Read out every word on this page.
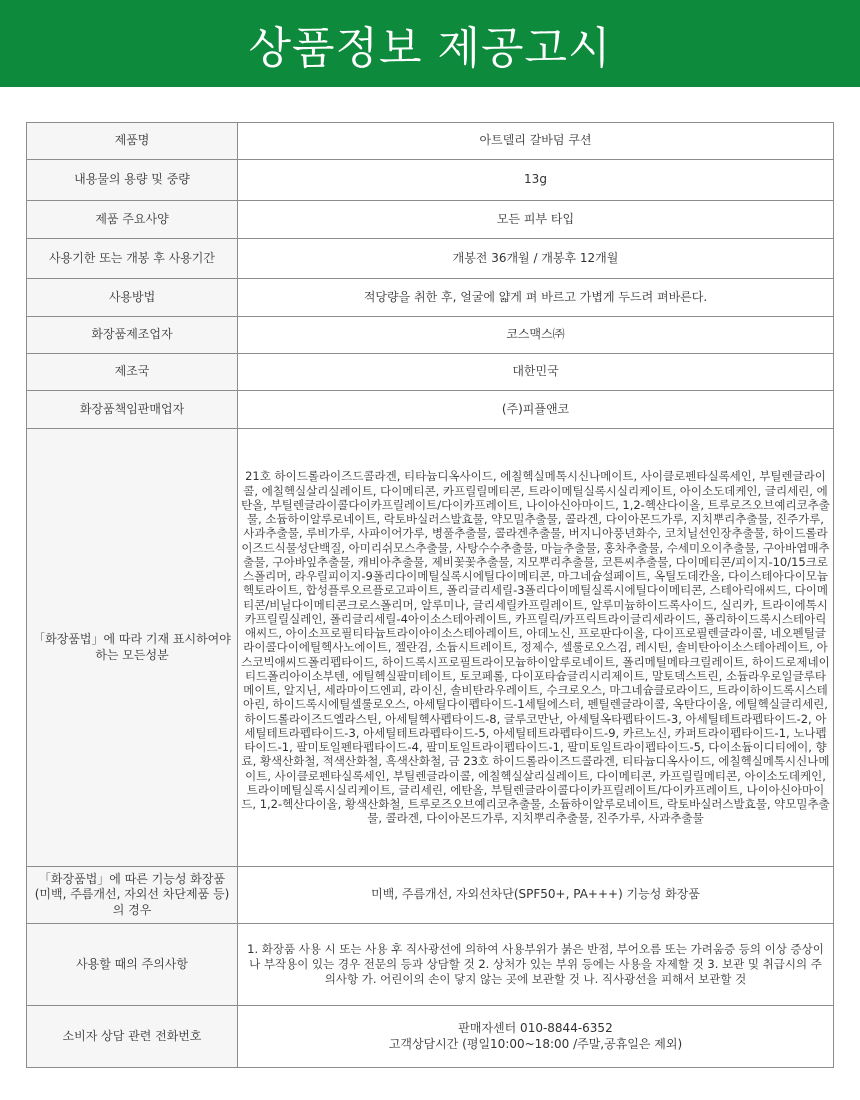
상품정보 제공고시
제품명	아트델리 갈바덤 쿠션
내용물의 용량 및 중량	13g
제품 주요사양	모든 피부 타입
사용기한 또는 개봉 후 사용기간	개봉전 36개월 / 개봉후 12개월
사용방법	적당량을 취한 후, 얼굴에 얇게 펴 바르고 가볍게 두드려 펴바른다.
화장품제조업자	코스맥스㈜
제조국	대한민국
화장품책임판매업자	(주)피플앤코
「화장품법」에 따라 기재 표시하여야 하는 모든성분	21호 하이드롤라이즈드콜라겐, 티타늄디옥사이드, 에칠헥실메톡시신나메이트, 사이클로펜타실록세인, 부틸렌글라이콜, 에칠헥실살리실레이트, 다이메티콘, 카프릴릴메티콘, 트라이메틸실록시실리케이트, 아이소도데케인, 글리세린, 에탄올, 부틸렌글라이콜다이카프릴레이트/다이카프레이트, 나이아신아마이드, 1,2-헥산다이올, 트루로즈오브예리코추출물, 소듐하이알루로네이트, 락토바실러스발효물, 약모밀추출물, 콜라겐, 다이아몬드가루, 지치뿌리추출물, 진주가루, 사과추출물, 루비가루, 사파이어가루, 병풀추출물, 콜라겐추출물, 버지니아풍년화수, 코치닐선인장추출물, 하이드롤라이즈드식물성단백질, 아미리쉬모스추출물, 사탕수수추출물, 마늘추출물, 홍차추출물, 수세미오이추출물, 구아바엽매추출물, 구아바잎추출물, 캐비아추출물, 제비꽃꽃추출물, 지모뿌리추출물, 코튼씨추출물, 다이메티콘/피이지-10/15크로스폴리머, 라우릴피이지-9폴리다이메틸실록시에틸다이메티콘, 마그네슘설페이트, 옥틸도데칸올, 다이스테아다이모늄헥토라이트, 합성플루오르플로고파이트, 폴리글리세릴-3폴리다이메틸실록시에틸다이메티콘, 스테아릭애씨드, 다이메티콘/비닐다이메티콘크로스폴리머, 알루미나, 글리세릴카프릴레이트, 알루미늄하이드록사이드, 실리카, 트라이에톡시카프릴릴실레인, 폴리글리세릴-4아이소스테아레이트, 카프릴릭/카프릭트라이글리세라이드, 폴리하이드록시스테아릭애씨드, 아이소프로필티타늄트라이아이소스테아레이트, 아데노신, 프로판다이올, 다이프로필렌글라이콜, 네오펜틸글라이콜다이에틸헥사노에이트, 젤란검, 소듐시트레이트, 정제수, 셀룰로오스검, 레시틴, 솔비탄아이소스테아레이트, 아스코빅애씨드폴리펩타이드, 하이드록시프로필트라이모늄하이알루로네이트, 폴리메틸메타크릴레이트, 하이드로제네이티드폴리아이소부텐, 에틸헥실팔미테이트, 토코페롤, 다이포타슘글리시리제이트, 말토덱스트린, 소듐라우로일글루타메이트, 알지닌, 세라마이드엔피, 라이신, 솔비탄라우레이트, 수크로오스, 마그네슘클로라이드, 트라이하이드록시스테아린, 하이드록시에틸셀룰로오스, 아세틸다이펩타이드-1세틸에스터, 펜틸렌글라이콜, 옥탄다이올, 에틸헥실글리세린, 하이드롤라이즈드엘라스틴, 아세틸헥사펩타이드-8, 글루코만난, 아세틸옥타펩타이드-3, 아세틸테트라펩타이드-2, 아세틸테트라펩타이드-3, 아세틸테트라펩타이드-5, 아세틸테트라펩타이드-9, 카르노신, 카퍼트라이펩타이드-1, 노나펩타이드-1, 팔미토일펜타펩타이드-4, 팔미토일트라이펩타이드-1, 팔미토일트라이펩타이드-5, 다이소듐이디티에이, 향료, 황색산화철, 적색산화철, 흑색산화철, 금 23호 하이드롤라이즈드콜라겐, 티타늄디옥사이드, 에칠헥실메톡시신나메이트, 사이클로펜타실록세인, 부틸렌글라이콜, 에칠헥실살리실레이트, 다이메티콘, 카프릴릴메티콘, 아이소도데케인, 트라이메틸실록시실리케이트, 글리세린, 에탄올, 부틸렌글라이콜다이카프릴레이트/다이카프레이트, 나이아신아마이드, 1,2-헥산다이올, 황색산화철, 트루로즈오브예리코추출물, 소듐하이알루로네이트, 락토바실러스발효물, 약모밀추출물, 콜라겐, 다이아몬드가루, 지치뿌리추출물, 진주가루, 사과추출물
「화장품법」에 따른 기능성 화장품(미백, 주름개선, 자외선 차단제품 등)의 경우	미백, 주름개선, 자외선차단(SPF50+, PA+++) 기능성 화장품
사용할 때의 주의사항	1. 화장품 사용 시 또는 사용 후 직사광선에 의하여 사용부위가 붉은 반점, 부어오름 또는 가려움증 등의 이상 증상이나 부작용이 있는 경우 전문의 등과 상담할 것 2. 상처가 있는 부위 등에는 사용을 자제할 것 3. 보관 및 취급시의 주의사항 가. 어린이의 손이 닿지 않는 곳에 보관할 것 나. 직사광선을 피해서 보관할 것
소비자 상담 관련 전화번호	판매자센터 010-8844-6352
고객상담시간 (평일10:00~18:00 /주말,공휴일은 제외)
